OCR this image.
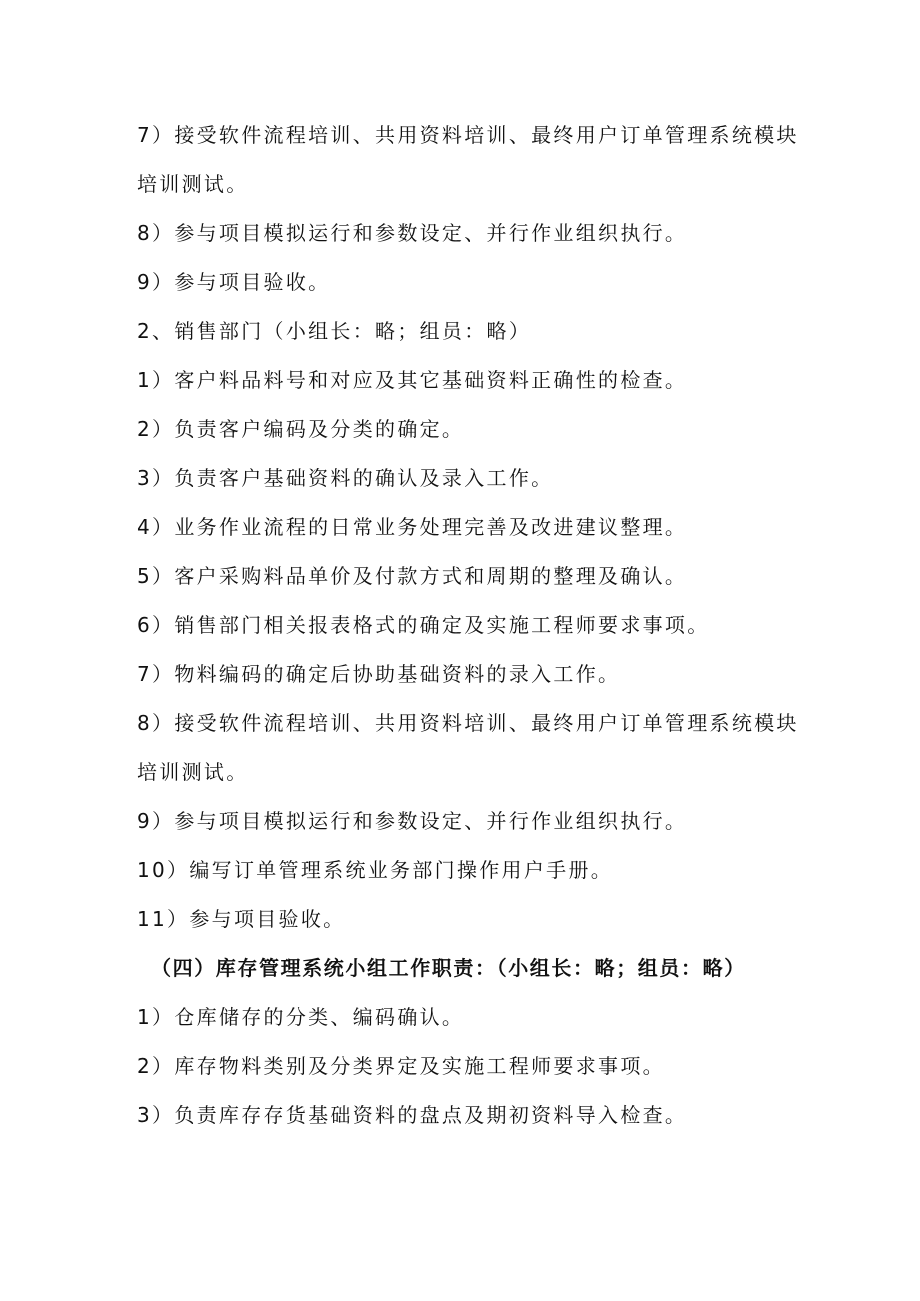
7）接受软件流程培训、共用资料培训、最终用户订单管理系统模块
培训测试。
8）参与项目模拟运行和参数设定、并行作业组织执行。
9）参与项目验收。
2、销售部门（小组长：略；组员：略）
1）客户料品料号和对应及其它基础资料正确性的检查。
2）负责客户编码及分类的确定。
3）负责客户基础资料的确认及录入工作。
4）业务作业流程的日常业务处理完善及改进建议整理。
5）客户采购料品单价及付款方式和周期的整理及确认。
6）销售部门相关报表格式的确定及实施工程师要求事项。
7）物料编码的确定后协助基础资料的录入工作。
8）接受软件流程培训、共用资料培训、最终用户订单管理系统模块
培训测试。
9）参与项目模拟运行和参数设定、并行作业组织执行。
10）编写订单管理系统业务部门操作用户手册。
11）参与项目验收。
（四）库存管理系统小组工作职责：（小组长：略；组员：略）
1）仓库储存的分类、编码确认。
2）库存物料类别及分类界定及实施工程师要求事项。
3）负责库存存货基础资料的盘点及期初资料导入检查。
